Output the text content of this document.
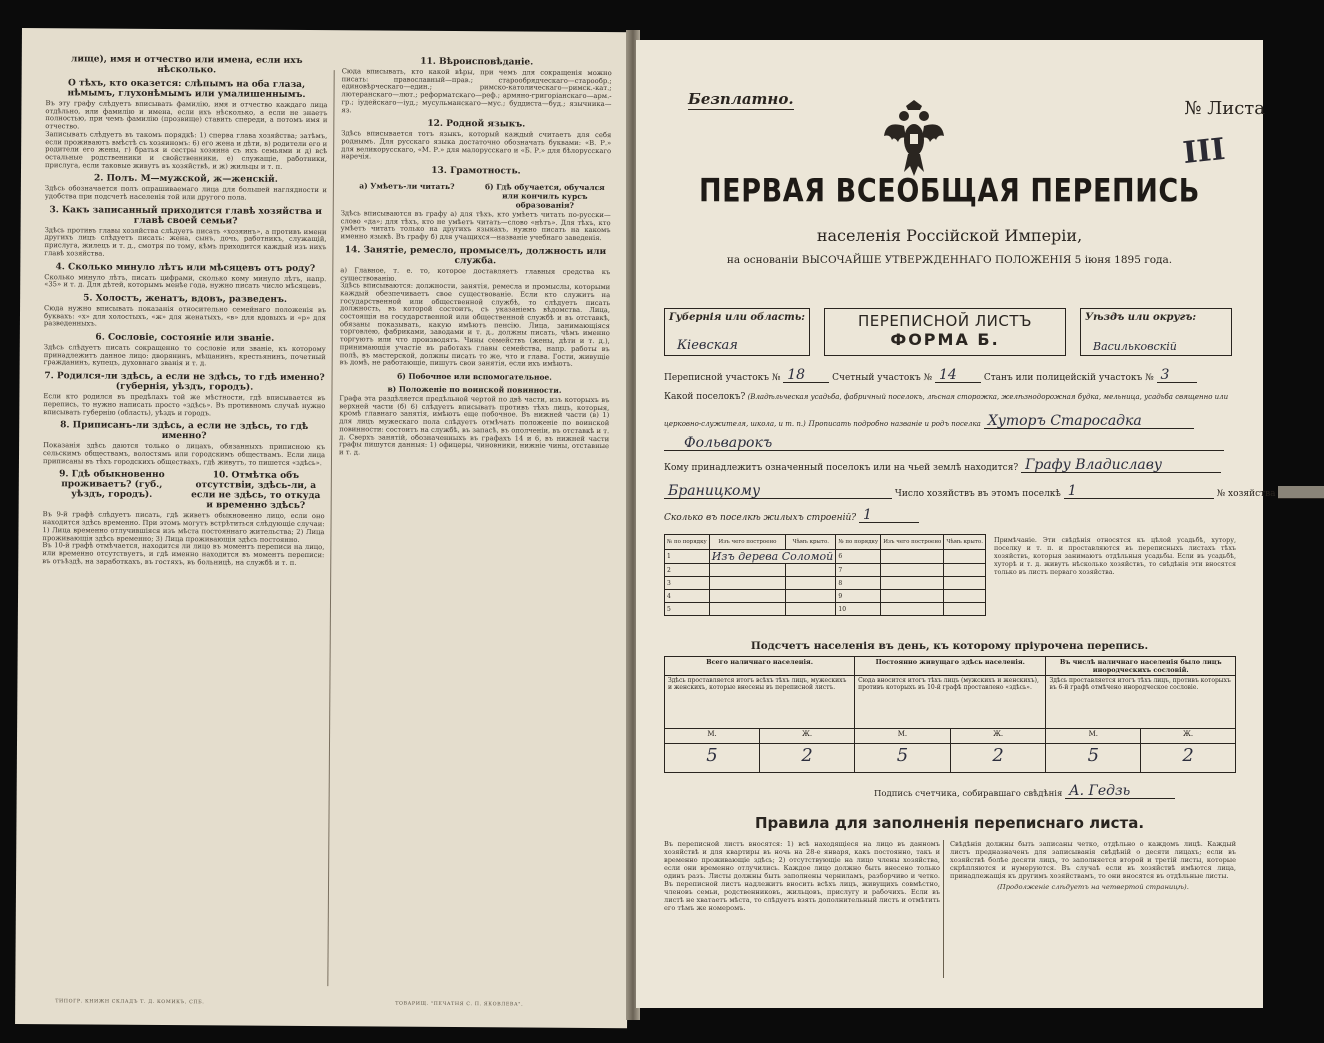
лище), имя и отчество или имена, если ихъ нѣсколько.
О тѣхъ, кто оказется: слѣпымъ на оба глаза, нѣмымъ, глухонѣмымъ или умалишеннымъ.

Въ эту графу слѣдуетъ вписывать фамилію, имя и отчество каждаго лица отдѣльно, или фамилію и имена, если ихъ нѣсколько, а если не знаетъ полностью, при чемъ фамилію (прозвище) ставить спереди, а потомъ имя и отчество.

Записывать слѣдуетъ въ такомъ порядкѣ: 1) сперва глава хозяйства; затѣмъ, если проживаютъ вмѣстѣ съ хозяиномъ: 6) его жена и дѣти, в) родители его и родители его жены, г) братья и сестры хозяина съ ихъ семьями и д) всѣ остальные родственники и свойственники, е) служащіе, работники, прислуга, если таковые живутъ въ хозяйствѣ, и ж) жильцы и т. п.

2. Полъ. М—мужской, ж—женскій.

Здѣсь обозначается полъ опрашиваемаго лица для большей наглядности и удобства при подсчетѣ населенія той или другого пола.

3. Какъ записанный приходится главѣ хозяйства и главѣ своей семьи?

Здѣсь противъ главы хозяйства слѣдуетъ писать «хозяинъ», а противъ имени другихъ лицъ слѣдуетъ писать: жена, сынъ, дочь, работникъ, служащій, прислуга, жилецъ и т. д., смотря по тому, кѣмъ приходится каждый изъ нихъ главѣ хозяйства.

4. Сколько минуло лѣтъ или мѣсяцевъ отъ роду?

Сколько минуло лѣтъ, писать цифрами, сколько кому минуло лѣтъ, напр. «35» и т. д. Для дѣтей, которымъ менѣе года, нужно писать число мѣсяцевъ.

5. Холостъ, женатъ, вдовъ, разведенъ.

Сюда нужно вписывать показанія относительно семейнаго положенія въ буквахъ: «х» для холостыхъ, «ж» для женатыхъ, «в» для вдовыхъ и «р» для разведенныхъ.

6. Сословіе, состояніе или званіе.

Здѣсь слѣдуетъ писать сокращенно то сословіе или званіе, къ которому принадлежитъ данное лицо: дворянинъ, мѣщанинъ, крестьянинъ, почетный гражданинъ, купецъ, духовнаго званія и т. д.

7. Родился-ли здѣсь, а если не здѣсь, то гдѣ именно? (губернія, уѣздъ, городъ).

Если кто родился въ предѣлахъ той же мѣстности, гдѣ вписывается въ перепись, то нужно написать просто «здѣсь». Въ противномъ случаѣ нужно вписывать губернію (область), уѣздъ и городъ.

8. Приписанъ-ли здѣсь, а если не здѣсь, то гдѣ именно?

Показанія здѣсь даются только о лицахъ, обязанныхъ приписною къ сельскимъ обществамъ, волостямъ или городскимъ обществамъ. Если лица приписаны въ тѣхъ городскихъ обществахъ, гдѣ живутъ, то пишется «здѣсь».

9. Гдѣ обыкновенно проживаетъ? (губ., уѣздъ, городъ).
10. Отмѣтка объ отсутствіи, здѣсь-ли, а если не здѣсь, то откуда и временно здѣсь?

Въ 9-й графѣ слѣдуетъ писать, гдѣ живетъ обыкновенно лицо, если оно находится здѣсь временно. При этомъ могутъ встрѣтиться слѣдующіе случаи: 1) Лица временно отлучившіяся изъ мѣста постояннаго жительства; 2) Лица проживающія здѣсь временно; 3) Лица проживающія здѣсь постоянно.

Въ 10-й графѣ отмѣчается, находится ли лицо въ моментъ переписи на лицо, или временно отсутствуетъ, и гдѣ именно находится въ моментъ переписи: въ отъѣздѣ, на заработкахъ, въ гостяхъ, въ больницѣ, на службѣ и т. п.

11. Вѣроисповѣданіе.

Сюда вписывать, кто какой вѣры, при чемъ для сокращенія можно писать: православный—прав.; старообрядческаго—старообр.; единовѣрческаго—един.; римско-католическаго—римск.-кат.; лютеранскаго—лют.; реформатскаго—реф.; армяно-григоріанскаго—арм.-гр.; іудейскаго—іуд.; мусульманскаго—мус.; буддиста—буд.; язычника—яз.

12. Родной языкъ.

Здѣсь вписывается тотъ языкъ, который каждый считаетъ для себя роднымъ. Для русскаго языка достаточно обозначать буквами: «В. Р.» для великорусскаго, «М. Р.» для малорусскаго и «Б. Р.» для бѣлорусскаго наречія.

13. Грамотность.
а) Умѣетъ-ли читать?	б) Гдѣ обучается, обучался или кончилъ курсъ образованія?

Здѣсь вписываются въ графу а) для тѣхъ, кто умѣетъ читать по-русски—слово «да»; для тѣхъ, кто не умѣетъ читать—слово «нѣтъ». Для тѣхъ, кто умѣетъ читать только на другихъ языкахъ, нужно писать на какомъ именно языкѣ. Въ графу б) для учащихся—названіе учебнаго заведенія.

14. Занятіе, ремесло, промыселъ, должность или служба.

а) Главное, т. е. то, которое доставляетъ главныя средства къ существованію.

Здѣсь вписываются: должности, занятія, ремесла и промыслы, которыми каждый обезпечиваетъ свое существованіе. Если кто служитъ на государственной или общественной службѣ, то слѣдуетъ писать должность, въ которой состоитъ, съ указаніемъ вѣдомства. Лица, состоящія на государственной или общественной службѣ и въ отставкѣ, обязаны показывать, какую имѣютъ пенсію. Лица, занимающіяся торговлею, фабриками, заводами и т. д., должны писать, чѣмъ именно торгуютъ или что производятъ. Чины семействъ (жены, дѣти и т. д.), принимающія участіе въ работахъ главы семейства, напр. работы въ полѣ, въ мастерской, должны писать то же, что и глава. Гости, живущіе въ домѣ, не работающіе, пишутъ свои занятія, если ихъ имѣютъ.

б) Побочное или вспомогательное.
в) Положеніе по воинской повинности.

Графа эта раздѣляется предѣльной чертой по двѣ части, изъ которыхъ въ верхней части (б) 6) слѣдуетъ вписывать противъ тѣхъ лицъ, которыя, кромѣ главнаго занятія, имѣютъ еще побочное. Въ нижней части (в) 1) для лицъ мужескаго пола слѣдуетъ отмѣчать положеніе по воинской повинности: состоитъ на службѣ, въ запасѣ, въ ополченіи, въ отставкѣ и т. д. Сверхъ занятій, обозначенныхъ въ графахъ 14 и 6, въ нижней части графы пишутся данныя: 1) офицеры, чиновники, нижніе чины, отставные и т. д.

ТИПОГР. КНИЖН СКЛАДЪ Т. Д. КОМИКЪ, СПБ.	ТОВАРИЩ. "ПЕЧАТНЯ С. П. ЯКОВЛЕВА".
Безплатно.	№ Листа
III
ПЕРВАЯ ВСЕОБЩАЯ ПЕРЕПИСЬ
населенія Россійской Имперіи,
на основаніи ВЫСОЧАЙШЕ УТВЕРЖДЕННАГО ПОЛОЖЕНІЯ 5 іюня 1895 года.
Губернія или область:
Кіевская
ПЕРЕПИСНОЙ ЛИСТЪ
ФОРМА Б.
Уѣздъ или округъ:
Васильковскій
Переписной участокъ № 18	Счетный участокъ № 14	Станъ или полицейскій участокъ № 3
Какой поселокъ? (Владѣльческая усадьба, фабричный поселокъ, лѣсная сторожка, желѣзнодорожная будка, мельница, усадьба священно или
церковно-служителя, школа, и т. п.) Прописать подробно названіе и родъ поселка Хуторъ Старосадка
Фольварокъ
Кому принадлежитъ означенный поселокъ или на чьей землѣ находится? Графу Владиславу
Браницкому	Число хозяйствъ въ этомъ поселкѣ 1	№ хозяйства
Сколько въ поселкѣ жилыхъ строеній? 1
№ по порядку	Изъ чего построено	Чѣмъ крыто.	№ по порядку	Изъ чего построено	Чѣмъ крыто.
1	Изъ дерева Соломой		6		
2			7		
3			8		
4			9		
5			10		

Примѣчаніе. Эти свѣдѣнія относятся къ цѣлой усадьбѣ, хутору, поселку и т. п. и проставляются въ переписныхъ листахъ тѣхъ хозяйствъ, которыя занимаютъ отдѣльныя усадьбы. Если въ усадьбѣ, хуторѣ и т. д. живутъ нѣсколько хозяйствъ, то свѣдѣнія эти вносятся только въ листъ перваго хозяйства.

Подсчетъ населенія въ день, къ которому пріурочена перепись.
Всего наличнаго населенія.		Постоянно живущаго здѣсь населенія.		Въ числѣ наличнаго населенія было лицъ инородческихъ сословій.	
Здѣсь проставляется итогъ всѣхъ тѣхъ лицъ, мужескихъ и женскихъ, которые внесены въ переписной листъ.		Сюда вносится итогъ тѣхъ лицъ (мужскихъ и женскихъ), противъ которыхъ въ 10-й графѣ проставлено «здѣсь».		Здѣсь проставляется итогъ тѣхъ лицъ, противъ которыхъ въ 6-й графѣ отмѣчено инородческое сословіе.	
М.	Ж.	М.	Ж.	М.	Ж.
5	2	5	2	5	2
Подпись счетчика, собиравшаго свѣдѣнія А. Гедзь
Правила для заполненія переписнаго листа.

Въ переписной листъ вносятся: 1) всѣ находящіеся на лицо въ данномъ хозяйствѣ и для квартиры въ ночь на 28-е января, какъ постоянно, такъ и временно проживающіе здѣсь; 2) отсутствующіе на лицо члены хозяйства, если они временно отлучились. Каждое лицо должно быть внесено только одинъ разъ. Листы должны быть заполнены черниламъ, разборчиво и четко. Въ переписной листъ надлежитъ вносить всѣхъ лицъ, живущихъ совмѣстно, членовъ семьи, родственниковъ, жильцовъ, прислугу и рабочихъ. Если въ листѣ не хватаетъ мѣста, то слѣдуетъ взять дополнительный листъ и отмѣтить его тѣмъ же номеромъ.

Свѣдѣнія должны быть записаны четко, отдѣльно о каждомъ лицѣ. Каждый листъ предназначенъ для записыванія свѣдѣній о десяти лицахъ; если въ хозяйствѣ болѣе десяти лицъ, то заполняется второй и третій листы, которые скрѣпляются и нумеруются. Въ случаѣ если въ хозяйствѣ имѣются лица, принадлежащія къ другимъ хозяйствамъ, то они вносятся въ отдѣльные листы.

(Продолженіе слѣдуетъ на четвертой страницѣ).
